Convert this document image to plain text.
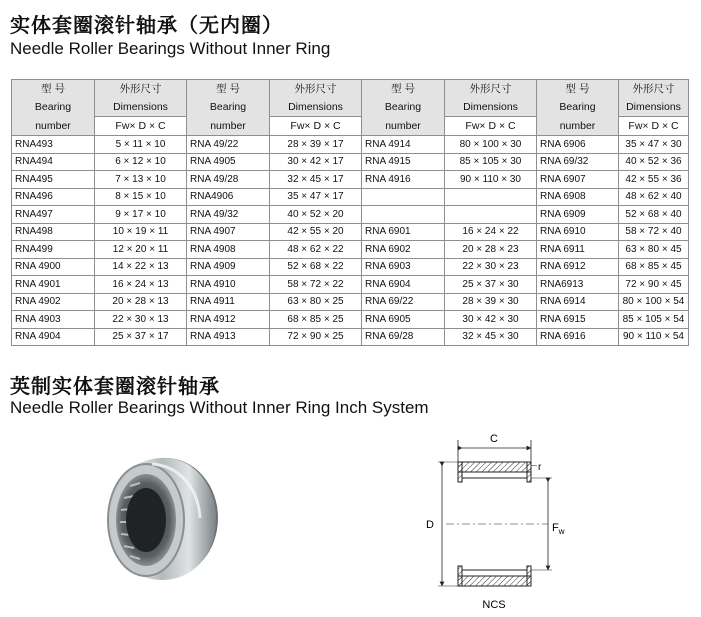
实体套圈滚针轴承（无内圈）
Needle Roller Bearings Without Inner Ring
型 号	外形尺寸	型 号	外形尺寸	型 号	外形尺寸	型 号	外形尺寸
Bearing	Dimensions	Bearing	Dimensions	Bearing	Dimensions	Bearing	Dimensions
number	Fw× D × C	number	Fw× D × C	number	Fw× D × C	number	Fw× D × C
RNA493	5 × 11 × 10	RNA 49/22	28 × 39 × 17	RNA 4914	80 × 100 × 30	RNA 6906	35 × 47 × 30
RNA494	6 × 12 × 10	RNA 4905	30 × 42 × 17	RNA 4915	85 × 105 × 30	RNA 69/32	40 × 52 × 36
RNA495	7 × 13 × 10	RNA 49/28	32 × 45 × 17	RNA 4916	90 × 110 × 30	RNA 6907	42 × 55 × 36
RNA496	8 × 15 × 10	RNA4906	35 × 47 × 17			RNA 6908	48 × 62 × 40
RNA497	9 × 17 × 10	RNA 49/32	40 × 52 × 20			RNA 6909	52 × 68 × 40
RNA498	10 × 19 × 11	RNA 4907	42 × 55 × 20	RNA 6901	16 × 24 × 22	RNA 6910	58 × 72 × 40
RNA499	12 × 20 × 11	RNA 4908	48 × 62 × 22	RNA 6902	20 × 28 × 23	RNA 6911	63 × 80 × 45
RNA 4900	14 × 22 × 13	RNA 4909	52 × 68 × 22	RNA 6903	22 × 30 × 23	RNA 6912	68 × 85 × 45
RNA 4901	16 × 24 × 13	RNA 4910	58 × 72 × 22	RNA 6904	25 × 37 × 30	RNA6913	72 × 90 × 45
RNA 4902	20 × 28 × 13	RNA 4911	63 × 80 × 25	RNA 69/22	28 × 39 × 30	RNA 6914	80 × 100 × 54
RNA 4903	22 × 30 × 13	RNA 4912	68 × 85 × 25	RNA 6905	30 × 42 × 30	RNA 6915	85 × 105 × 54
RNA 4904	25 × 37 × 17	RNA 4913	72 × 90 × 25	RNA 69/28	32 × 45 × 30	RNA 6916	90 × 110 × 54
英制实体套圈滚针轴承
Needle Roller Bearings Without Inner Ring Inch System
C
r
D	$F_w$
NCS
